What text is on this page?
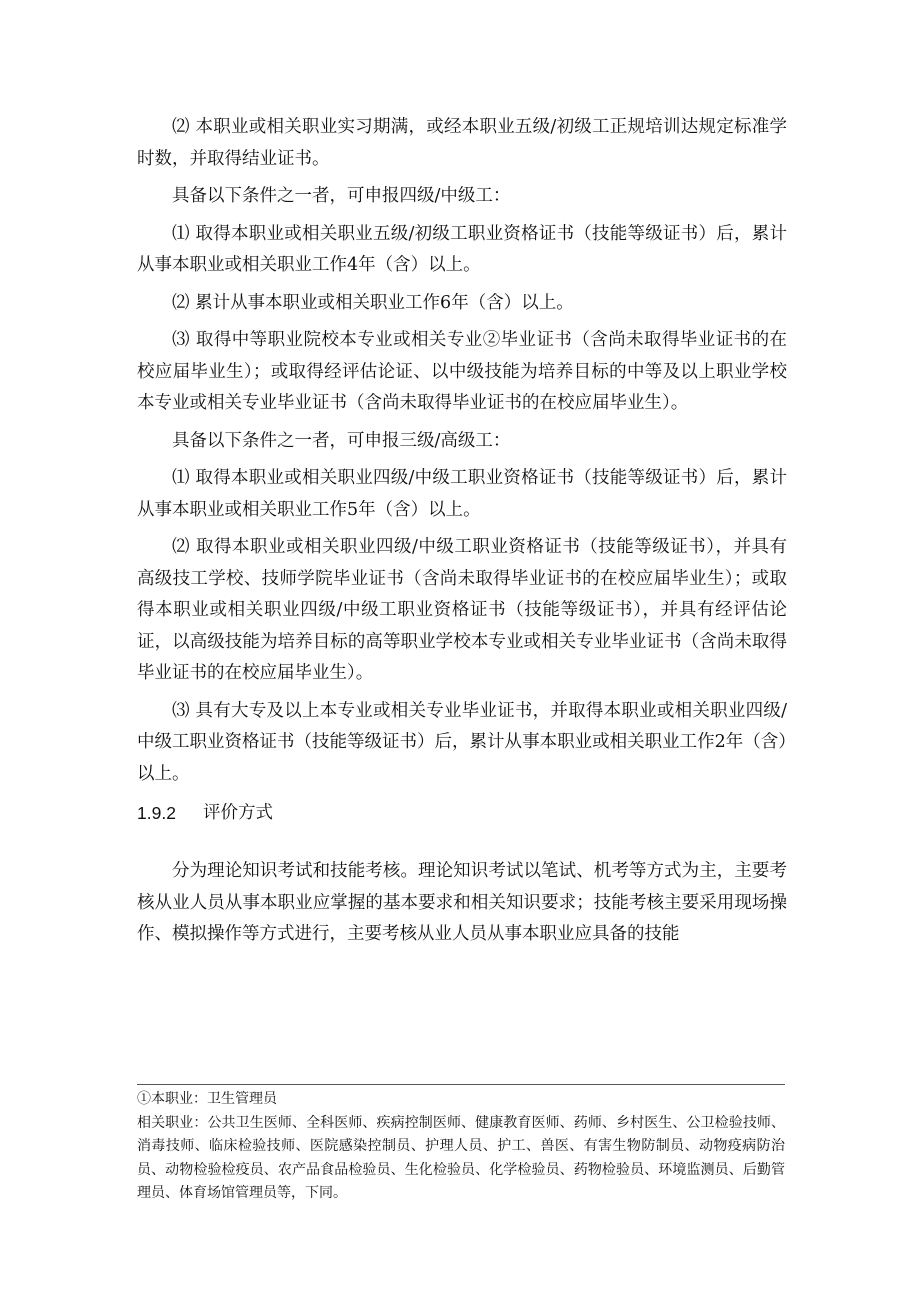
⑵ 本职业或相关职业实习期满，或经本职业五级/初级工正规培训达规定标准学时数，并取得结业证书。

具备以下条件之一者，可申报四级/中级工：

⑴ 取得本职业或相关职业五级/初级工职业资格证书（技能等级证书）后，累计从事本职业或相关职业工作4年（含）以上。

⑵ 累计从事本职业或相关职业工作6年（含）以上。

⑶ 取得中等职业院校本专业或相关专业②毕业证书（含尚未取得毕业证书的在校应届毕业生）；或取得经评估论证、以中级技能为培养目标的中等及以上职业学校本专业或相关专业毕业证书（含尚未取得毕业证书的在校应届毕业生）。

具备以下条件之一者，可申报三级/高级工：

⑴ 取得本职业或相关职业四级/中级工职业资格证书（技能等级证书）后，累计从事本职业或相关职业工作5年（含）以上。

⑵ 取得本职业或相关职业四级/中级工职业资格证书（技能等级证书），并具有高级技工学校、技师学院毕业证书（含尚未取得毕业证书的在校应届毕业生）；或取得本职业或相关职业四级/中级工职业资格证书（技能等级证书），并具有经评估论证，以高级技能为培养目标的高等职业学校本专业或相关专业毕业证书（含尚未取得毕业证书的在校应届毕业生）。

⑶ 具有大专及以上本专业或相关专业毕业证书，并取得本职业或相关职业四级/中级工职业资格证书（技能等级证书）后，累计从事本职业或相关职业工作2年（含）以上。

1.9.2	评价方式

分为理论知识考试和技能考核。理论知识考试以笔试、机考等方式为主，主要考核从业人员从事本职业应掌握的基本要求和相关知识要求；技能考核主要采用现场操作、模拟操作等方式进行，主要考核从业人员从事本职业应具备的技能

①本职业：卫生管理员

相关职业：公共卫生医师、全科医师、疾病控制医师、健康教育医师、药师、乡村医生、公卫检验技师、消毒技师、临床检验技师、医院感染控制员、护理人员、护工、兽医、有害生物防制员、动物疫病防治员、动物检验检疫员、农产品食品检验员、生化检验员、化学检验员、药物检验员、环境监测员、后勤管理员、体育场馆管理员等，下同。
